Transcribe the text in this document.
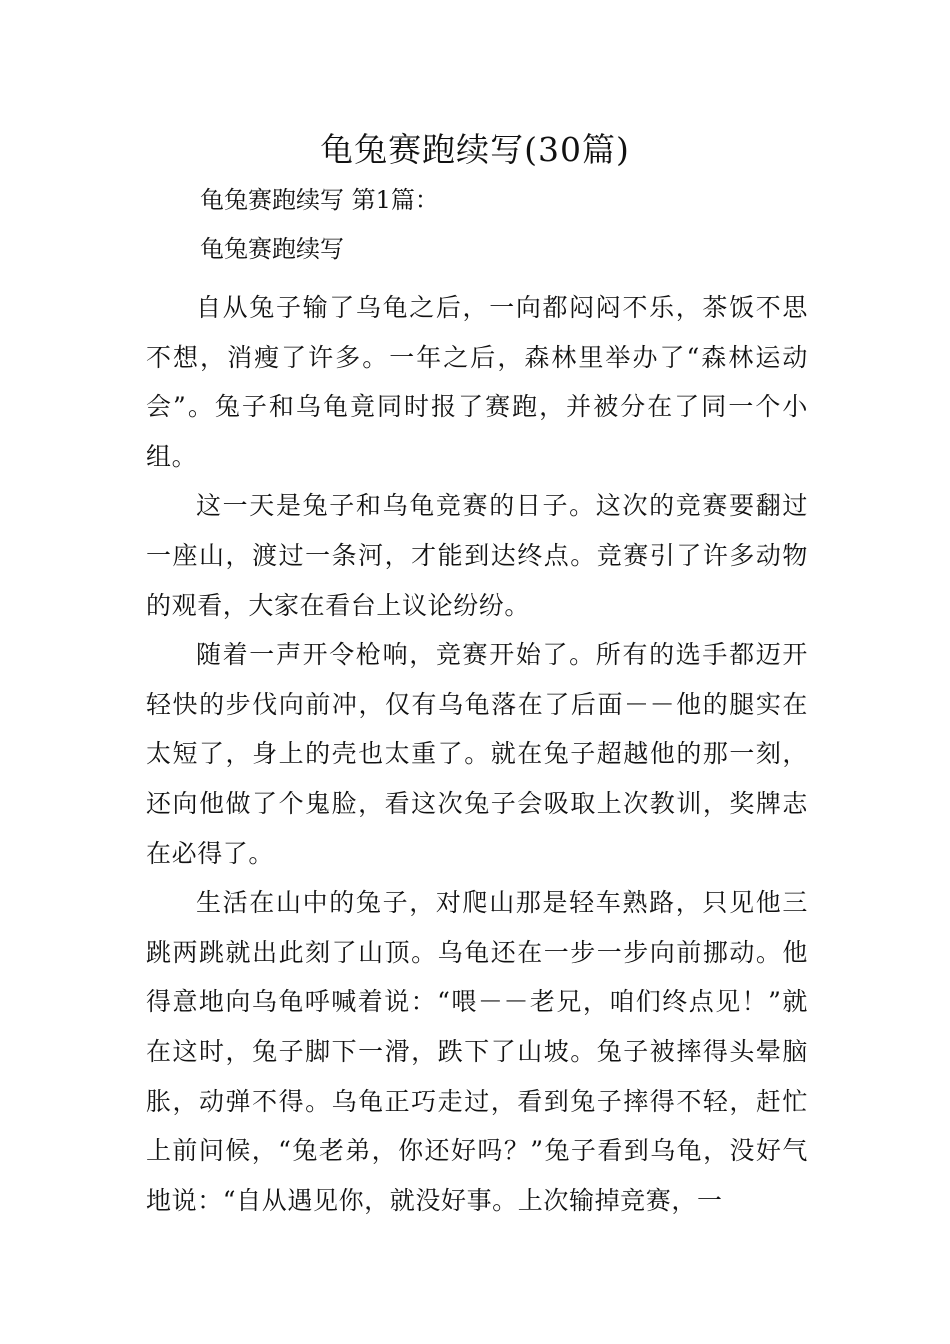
龟兔赛跑续写(30篇)

龟兔赛跑续写 第1篇：

龟兔赛跑续写

自从兔子输了乌龟之后，一向都闷闷不乐，茶饭不思不想，消瘦了许多。一年之后，森林里举办了“森林运动会”。兔子和乌龟竟同时报了赛跑，并被分在了同一个小组。

这一天是兔子和乌龟竞赛的日子。这次的竞赛要翻过一座山，渡过一条河，才能到达终点。竞赛引了许多动物的观看，大家在看台上议论纷纷。

随着一声开令枪响，竞赛开始了。所有的选手都迈开轻快的步伐向前冲，仅有乌龟落在了后面－－他的腿实在太短了，身上的壳也太重了。就在兔子超越他的那一刻，还向他做了个鬼脸，看这次兔子会吸取上次教训，奖牌志在必得了。

生活在山中的兔子，对爬山那是轻车熟路，只见他三跳两跳就出此刻了山顶。乌龟还在一步一步向前挪动。他得意地向乌龟呼喊着说：“喂－－老兄，咱们终点见！”就在这时，兔子脚下一滑，跌下了山坡。兔子被摔得头晕脑胀，动弹不得。乌龟正巧走过，看到兔子摔得不轻，赶忙上前问候，“兔老弟，你还好吗？”兔子看到乌龟，没好气地说：“自从遇见你，就没好事。上次输掉竞赛，一
